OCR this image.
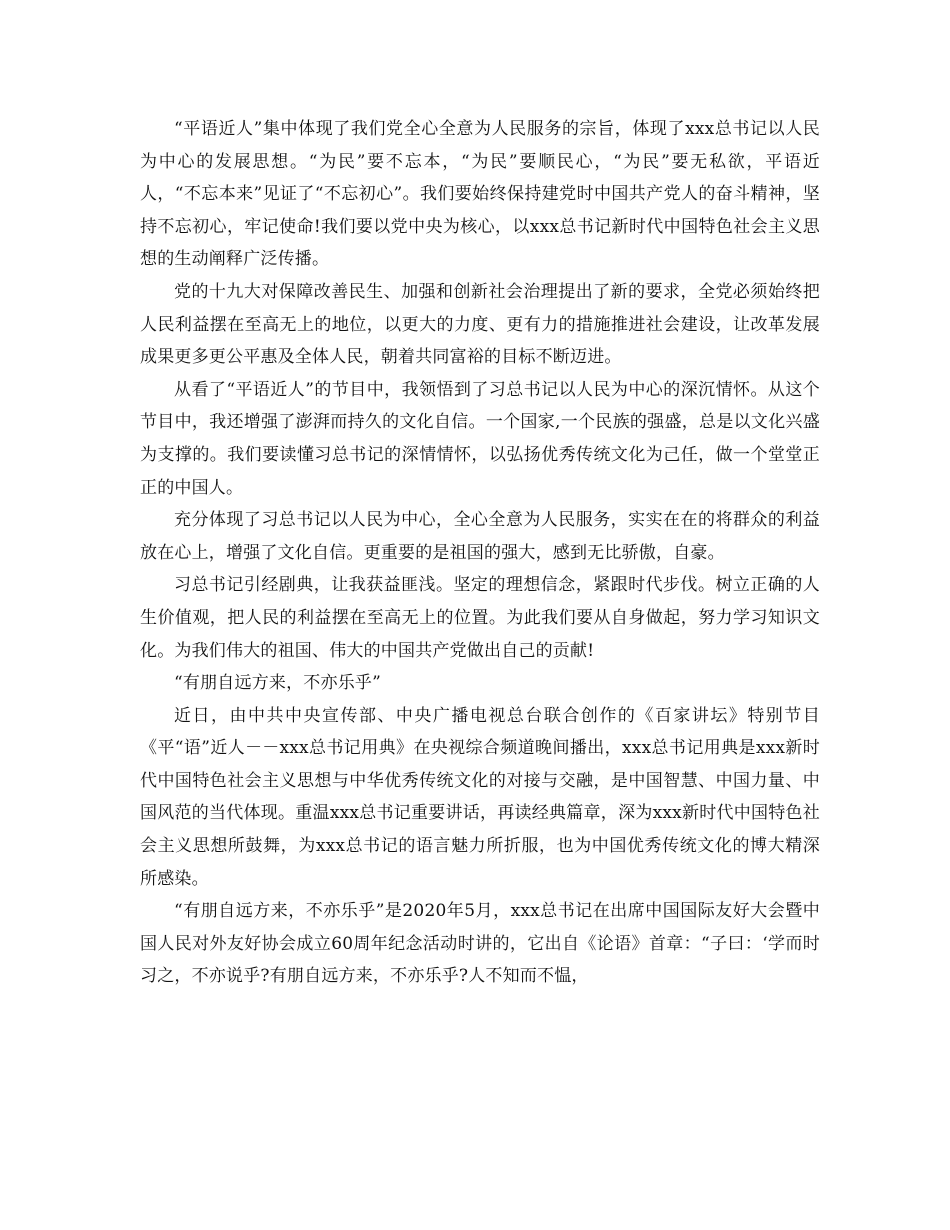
“平语近人”集中体现了我们党全心全意为人民服务的宗旨，体现了xxx总书记以人民为中心的发展思想。“为民”要不忘本，“为民”要顺民心，“为民”要无私欲，平语近人，“不忘本来”见证了“不忘初心”。我们要始终保持建党时中国共产党人的奋斗精神，坚持不忘初心，牢记使命!我们要以党中央为核心，以xxx总书记新时代中国特色社会主义思想的生动阐释广泛传播。

党的十九大对保障改善民生、加强和创新社会治理提出了新的要求，全党必须始终把人民利益摆在至高无上的地位，以更大的力度、更有力的措施推进社会建设，让改革发展成果更多更公平惠及全体人民，朝着共同富裕的目标不断迈进。

从看了“平语近人”的节目中，我领悟到了习总书记以人民为中心的深沉情怀。从这个节目中，我还增强了澎湃而持久的文化自信。一个国家,一个民族的强盛，总是以文化兴盛为支撑的。我们要读懂习总书记的深情情怀，以弘扬优秀传统文化为己任，做一个堂堂正正的中国人。

充分体现了习总书记以人民为中心，全心全意为人民服务，实实在在的将群众的利益放在心上，增强了文化自信。更重要的是祖国的强大，感到无比骄傲，自豪。

习总书记引经剧典，让我获益匪浅。坚定的理想信念，紧跟时代步伐。树立正确的人生价值观，把人民的利益摆在至高无上的位置。为此我们要从自身做起，努力学习知识文化。为我们伟大的祖国、伟大的中国共产党做出自己的贡献!

“有朋自远方来，不亦乐乎”

近日，由中共中央宣传部、中央广播电视总台联合创作的《百家讲坛》特别节目《平“语”近人－－xxx总书记用典》在央视综合频道晚间播出，xxx总书记用典是xxx新时代中国特色社会主义思想与中华优秀传统文化的对接与交融，是中国智慧、中国力量、中国风范的当代体现。重温xxx总书记重要讲话，再读经典篇章，深为xxx新时代中国特色社会主义思想所鼓舞，为xxx总书记的语言魅力所折服，也为中国优秀传统文化的博大精深所感染。

“有朋自远方来，不亦乐乎”是2020年5月，xxx总书记在出席中国国际友好大会暨中国人民对外友好协会成立60周年纪念活动时讲的，它出自《论语》首章：“子曰：‘学而时习之，不亦说乎?有朋自远方来，不亦乐乎?人不知而不愠，
